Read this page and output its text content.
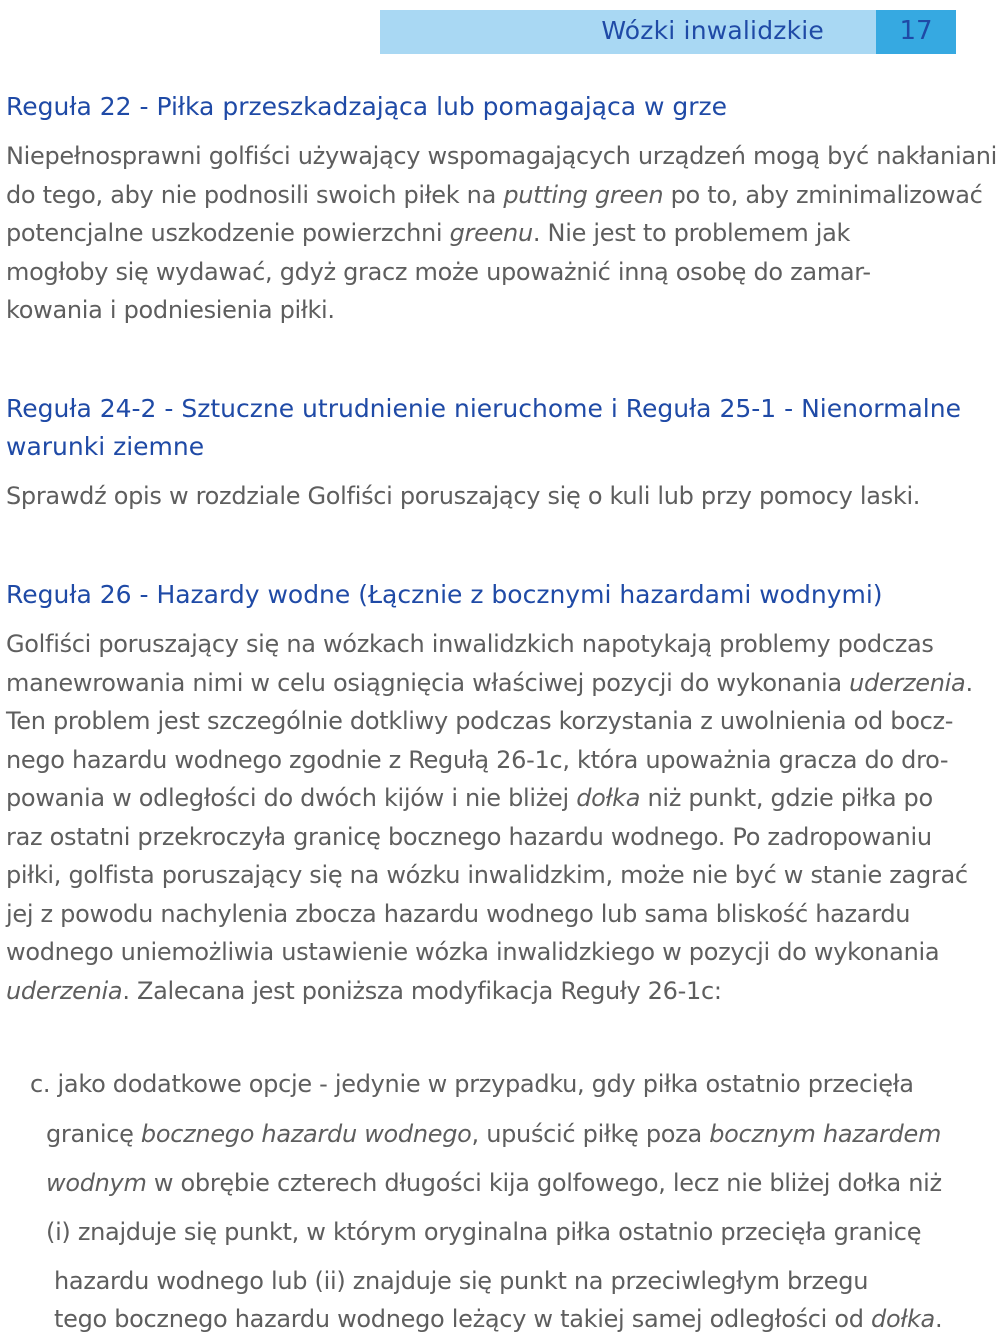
Wózki inwalidzkie	17
Reguła 22 - Piłka przeszkadzająca lub pomagająca w grze
Niepełnosprawni golfiści używający wspomagających urządzeń mogą być nakłaniani
do tego, aby nie podnosili swoich piłek na putting green po to, aby zminimalizować
potencjalne uszkodzenie powierzchni greenu. Nie jest to problemem jak
mogłoby się wydawać, gdyż gracz może upoważnić inną osobę do zamar-
kowania i podniesienia piłki.
Reguła 24-2 - Sztuczne utrudnienie nieruchome i Reguła 25-1 - Nienormalne
warunki ziemne
Sprawdź opis w rozdziale Golfiści poruszający się o kuli lub przy pomocy laski.
Reguła 26 - Hazardy wodne (Łącznie z bocznymi hazardami wodnymi)
Golfiści poruszający się na wózkach inwalidzkich napotykają problemy podczas
manewrowania nimi w celu osiągnięcia właściwej pozycji do wykonania uderzenia.
Ten problem jest szczególnie dotkliwy podczas korzystania z uwolnienia od bocz-
nego hazardu wodnego zgodnie z Regułą 26-1c, która upoważnia gracza do dro-
powania w odległości do dwóch kijów i nie bliżej dołka niż punkt, gdzie piłka po
raz ostatni przekroczyła granicę bocznego hazardu wodnego. Po zadropowaniu
piłki, golfista poruszający się na wózku inwalidzkim, może nie być w stanie zagrać
jej z powodu nachylenia zbocza hazardu wodnego lub sama bliskość hazardu
wodnego uniemożliwia ustawienie wózka inwalidzkiego w pozycji do wykonania
uderzenia. Zalecana jest poniższa modyfikacja Reguły 26-1c:
c. jako dodatkowe opcje - jedynie w przypadku, gdy piłka ostatnio przecięła
granicę bocznego hazardu wodnego, upuścić piłkę poza bocznym hazardem
wodnym w obrębie czterech długości kija golfowego, lecz nie bliżej dołka niż
(i) znajduje się punkt, w którym oryginalna piłka ostatnio przecięła granicę
hazardu wodnego lub (ii) znajduje się punkt na przeciwległym brzegu
tego bocznego hazardu wodnego leżący w takiej samej odległości od dołka.
